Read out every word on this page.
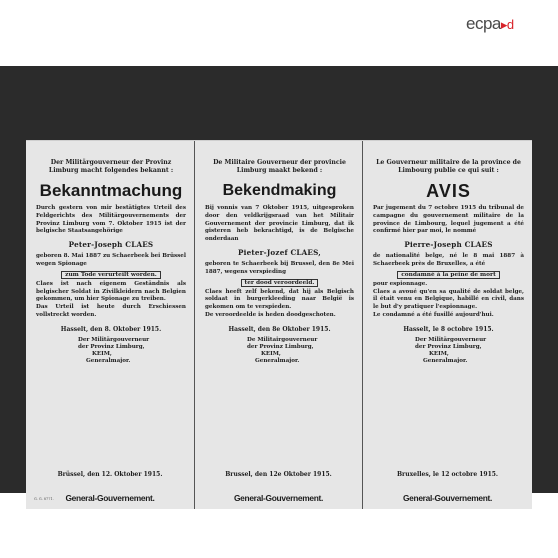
ecpa▸d
Der Militärgouverneur der Provinz Limburg macht folgendes bekannt :
Bekanntmachung
Durch gestern von mir bestätigtes Urteil des Feldgerichts des Militärgouvernements der Provinz Limburg vom 7. Oktober 1915 ist der belgische Staatsangehörige
Peter-Joseph CLAES
geboren 8. Mai 1887 zu Schaerbeek bei Brüssel wegen Spionage
zum Tode verurteilt worden.
Claes ist nach eigenem Geständnis als belgischer Soldat in Zivilkleidern nach Belgien gekommen, um hier Spionage zu treiben.
Das Urteil ist heute durch Erschiessen vollstreckt worden.
Hasselt, den 8. Oktober 1915.
Der Militärgouverneur
der Provinz Limburg,
KEIM,
Generalmajor.
Brüssel, den 12. Oktober 1915.
G. G. 8771.	General-Gouvernement.
De Militaire Gouverneur der provincie Limburg maakt bekend :
Bekendmaking
Bij vonnis van 7 Oktober 1915, uitgesproken door den veldkrijgsraad van het Militair Gouvernement der provincie Limburg, dat ik gisteren heb bekrachtigd, is de Belgische onderdaan
Pieter-Jozef CLAES,
geboren te Schaerbeek bij Brussel, den 8e Mei 1887, wegens verspieding
ter dood veroordeeld.
Claes heeft zelf bekend, dat hij als Belgisch soldaat in burgerkleeding naar België is gekomen om te verspieden.
De veroordeelde is heden doodgeschoten.
Hasselt, den 8e Oktober 1915.
De Militairgouverneur
der Provinz Limburg,
KEIM,
Generalmajor.
Brussel, den 12e Oktober 1915.
General-Gouvernement.
Le Gouverneur militaire de la province de Limbourg publie ce qui suit :
AVIS
Par jugement du 7 octobre 1915 du tribunal de campagne du gouvernement militaire de la province de Limbourg, lequel jugement a été confirmé hier par moi, le nommé
Pierre-Joseph CLAES
de nationalité belge, né le 8 mai 1887 à Schaerbeek près de Bruxelles, a été
condamné à la peine de mort
pour espionnage.
Claes a avoué qu'en sa qualité de soldat belge, il était venu en Belgique, habillé en civil, dans le but d'y pratiquer l'espionnage.
Le condamné a été fusillé aujourd'hui.
Hasselt, le 8 octobre 1915.
Der Militärgouverneur
der Provinz Limburg,
KEIM,
Generalmajor.
Bruxelles, le 12 octobre 1915.
General-Gouvernement.
